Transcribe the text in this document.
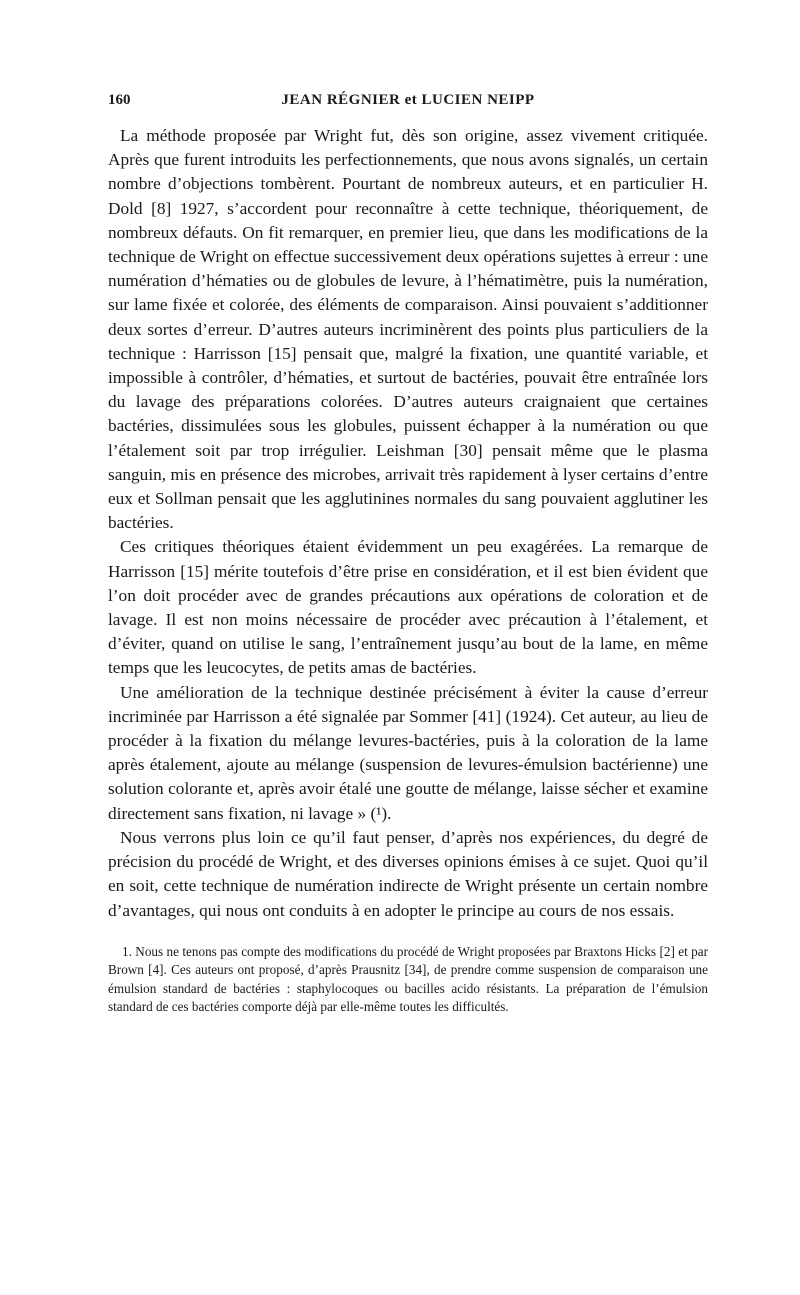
160	JEAN RÉGNIER et LUCIEN NEIPP

La méthode proposée par Wright fut, dès son origine, assez vivement critiquée. Après que furent introduits les perfectionnements, que nous avons signalés, un certain nombre d’objections tombèrent. Pourtant de nombreux auteurs, et en particulier H. Dold [8] 1927, s’accordent pour reconnaître à cette technique, théoriquement, de nombreux défauts. On fit remarquer, en premier lieu, que dans les modifications de la technique de Wright on effectue successivement deux opérations sujettes à erreur : une numération d’hématies ou de globules de levure, à l’hématimètre, puis la numération, sur lame fixée et colorée, des éléments de comparaison. Ainsi pouvaient s’additionner deux sortes d’erreur. D’autres auteurs incriminèrent des points plus particuliers de la technique : Harrisson [15] pensait que, malgré la fixation, une quantité variable, et impossible à contrôler, d’hématies, et surtout de bactéries, pouvait être entraînée lors du lavage des préparations colorées. D’autres auteurs craignaient que certaines bactéries, dissimulées sous les globules, puissent échapper à la numération ou que l’étalement soit par trop irrégulier. Leishman [30] pensait même que le plasma sanguin, mis en présence des microbes, arrivait très rapidement à lyser certains d’entre eux et Sollman pensait que les agglutinines normales du sang pouvaient agglutiner les bactéries.

Ces critiques théoriques étaient évidemment un peu exagérées. La remarque de Harrisson [15] mérite toutefois d’être prise en considération, et il est bien évident que l’on doit procéder avec de grandes précautions aux opérations de coloration et de lavage. Il est non moins nécessaire de procéder avec précaution à l’étalement, et d’éviter, quand on utilise le sang, l’entraînement jusqu’au bout de la lame, en même temps que les leucocytes, de petits amas de bactéries.

Une amélioration de la technique destinée précisément à éviter la cause d’erreur incriminée par Harrisson a été signalée par Sommer [41] (1924). Cet auteur, au lieu de procéder à la fixation du mélange levures-bactéries, puis à la coloration de la lame après étalement, ajoute au mélange (suspension de levures-émulsion bactérienne) une solution colorante et, après avoir étalé une goutte de mélange, laisse sécher et examine directement sans fixation, ni lavage » (¹).

Nous verrons plus loin ce qu’il faut penser, d’après nos expériences, du degré de précision du procédé de Wright, et des diverses opinions émises à ce sujet. Quoi qu’il en soit, cette technique de numération indirecte de Wright présente un certain nombre d’avantages, qui nous ont conduits à en adopter le principe au cours de nos essais.

1. Nous ne tenons pas compte des modifications du procédé de Wright proposées par Braxtons Hicks [2] et par Brown [4]. Ces auteurs ont proposé, d’après Prausnitz [34], de prendre comme suspension de comparaison une émulsion standard de bactéries : staphylocoques ou bacilles acido résistants. La préparation de l’émulsion standard de ces bactéries comporte déjà par elle-même toutes les difficultés.
